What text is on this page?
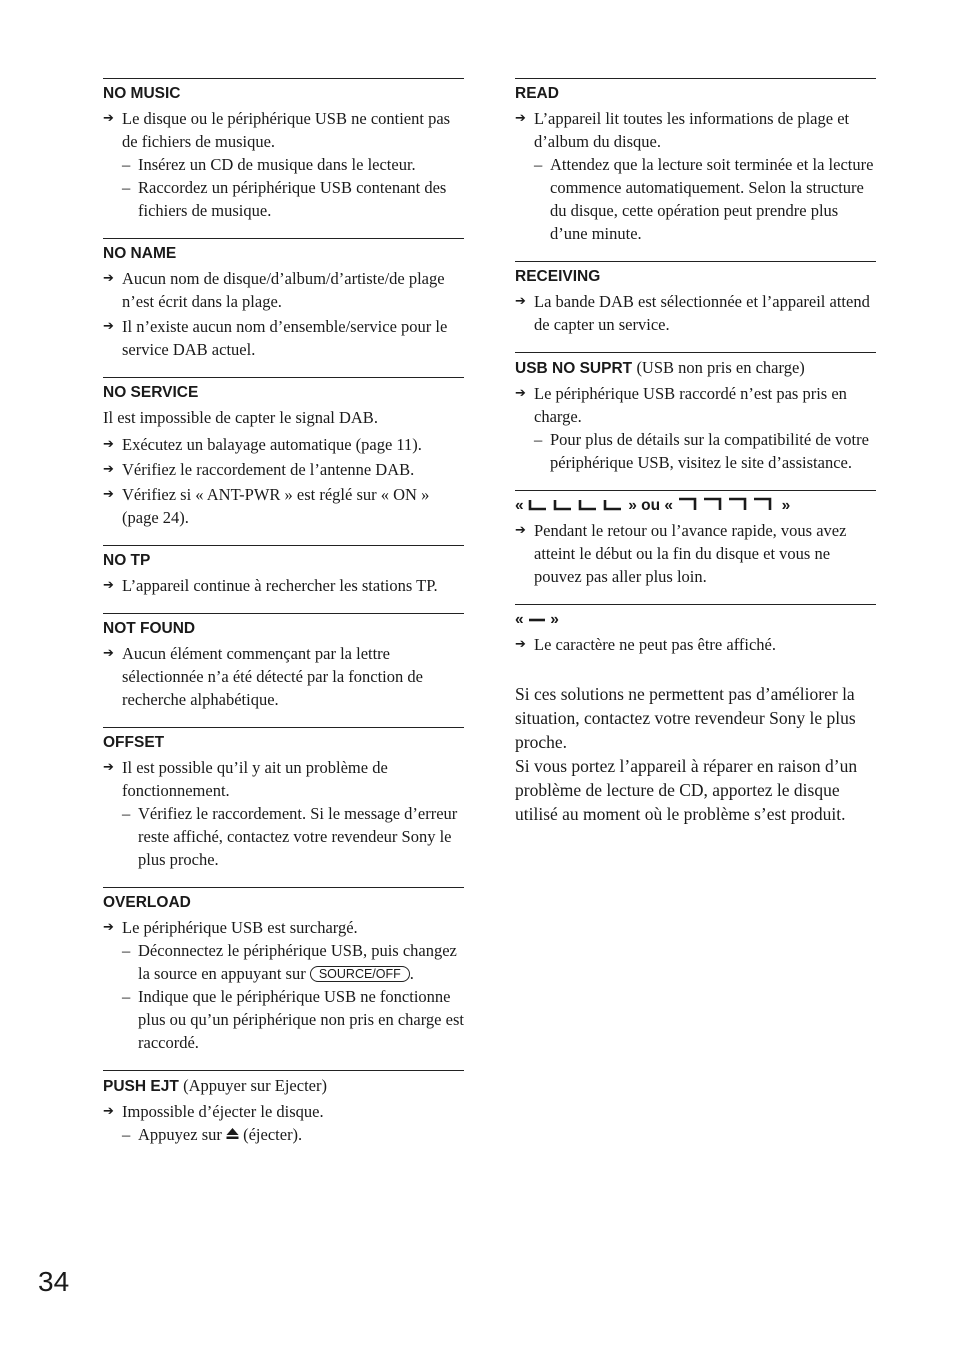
NO MUSIC
➔ Le disque ou le périphérique USB ne contient pas de fichiers de musique.
– Insérez un CD de musique dans le lecteur.
– Raccordez un périphérique USB contenant des fichiers de musique.
NO NAME
➔ Aucun nom de disque/d’album/d’artiste/de plage n’est écrit dans la plage.
➔ Il n’existe aucun nom d’ensemble/service pour le service DAB actuel.
NO SERVICE
Il est impossible de capter le signal DAB.
➔ Exécutez un balayage automatique (page 11).
➔ Vérifiez le raccordement de l’antenne DAB.
➔ Vérifiez si « ANT-PWR » est réglé sur « ON » (page 24).
NO TP
➔ L’appareil continue à rechercher les stations TP.
NOT FOUND
➔ Aucun élément commençant par la lettre sélectionnée n’a été détecté par la fonction de recherche alphabétique.
OFFSET
➔ Il est possible qu’il y ait un problème de fonctionnement.
– Vérifiez le raccordement. Si le message d’erreur reste affiché, contactez votre revendeur Sony le plus proche.
OVERLOAD
➔ Le périphérique USB est surchargé.
– Déconnectez le périphérique USB, puis changez la source en appuyant sur SOURCE/OFF .
– Indique que le périphérique USB ne fonctionne plus ou qu’un périphérique non pris en charge est raccordé.
PUSH EJT (Appuyer sur Ejecter)
➔ Impossible d’éjecter le disque.
– Appuyez sur (éjecter).
READ
➔ L’appareil lit toutes les informations de plage et d’album du disque.
– Attendez que la lecture soit terminée et la lecture commence automatiquement. Selon la structure du disque, cette opération peut prendre plus d’une minute.
RECEIVING
➔ La bande DAB est sélectionnée et l’appareil attend de capter un service.
USB NO SUPRT (USB non pris en charge)
➔ Le périphérique USB raccordé n’est pas pris en charge.
– Pour plus de détails sur la compatibilité de votre périphérique USB, visitez le site d’assistance.
«	» ou «	»
➔ Pendant le retour ou l’avance rapide, vous avez atteint le début ou la fin du disque et vous ne pouvez pas aller plus loin.
« »
➔ Le caractère ne peut pas être affiché.
Si ces solutions ne permettent pas d’améliorer la situation, contactez votre revendeur Sony le plus proche.
Si vous portez l’appareil à réparer en raison d’un problème de lecture de CD, apportez le disque utilisé au moment où le problème s’est produit.
34
